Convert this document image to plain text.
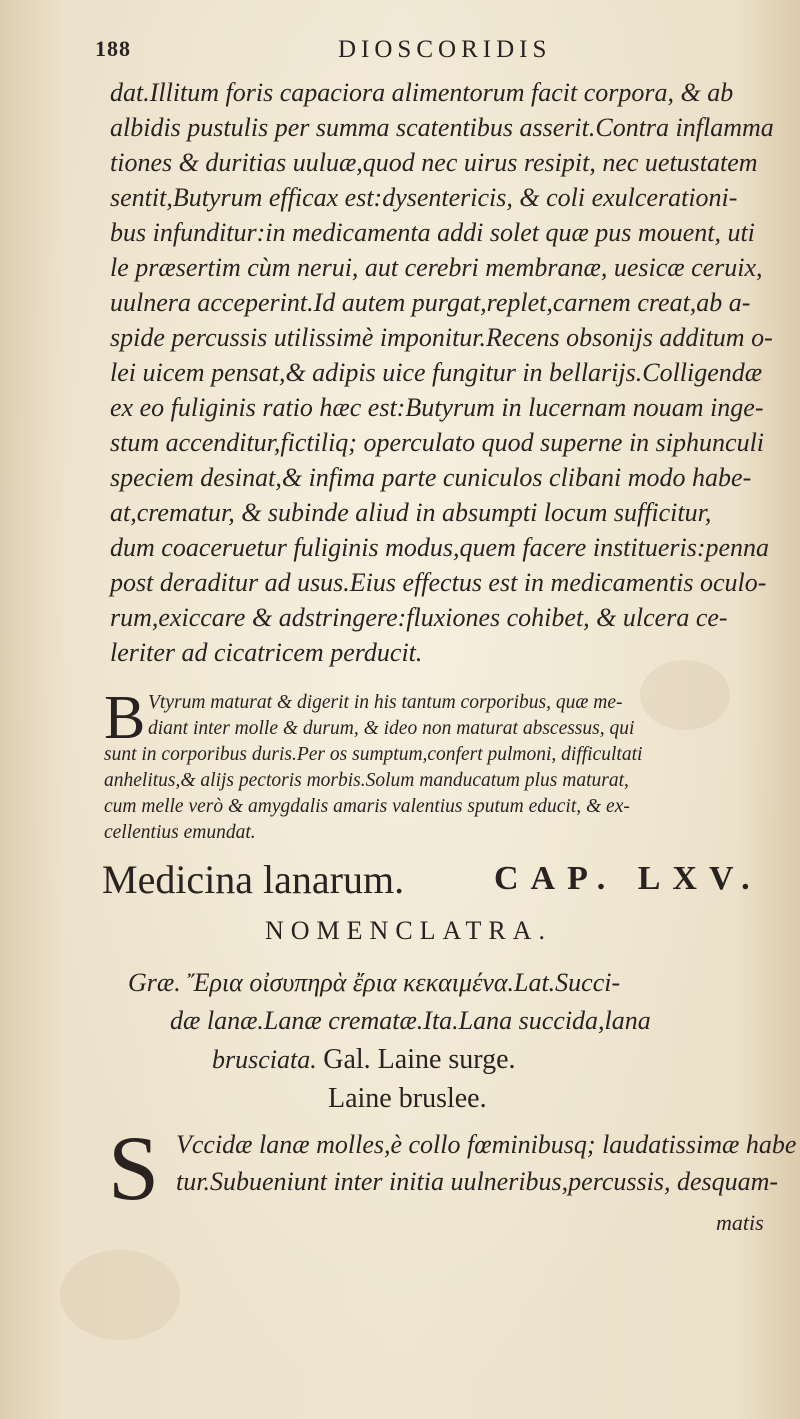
188	DIOSCORIDIS
dat.Illitum foris capaciora alimentorum facit corpora, & ab
albidis pustulis per summa scatentibus asserit.Contra inflamma
tiones & duritias uuluæ,quod nec uirus resipit, nec uetustatem
sentit,Butyrum efficax est:dysentericis, & coli exulcerationi-
bus infunditur:in medicamenta addi solet quæ pus mouent, uti
le præsertim cùm nerui, aut cerebri membranæ, uesicæ ceruix,
uulnera acceperint.Id autem purgat,replet,carnem creat,ab a-
spide percussis utilissimè imponitur.Recens obsonijs additum o-
lei uicem pensat,& adipis uice fungitur in bellarijs.Colligendæ
ex eo fuliginis ratio hæc est:Butyrum in lucernam nouam inge-
stum accenditur,fictiliq; operculato quod superne in siphunculi
speciem desinat,& infima parte cuniculos clibani modo habe-
at,crematur, & subinde aliud in absumpti locum sufficitur,
dum coaceruetur fuliginis modus,quem facere institueris:penna
post deraditur ad usus.Eius effectus est in medicamentis oculo-
rum,exiccare & adstringere:fluxiones cohibet, & ulcera ce-
leriter ad cicatricem perducit.
B Vtyrum maturat & digerit in his tantum corporibus, quæ me-
diant inter molle & durum, & ideo non maturat abscessus, qui
sunt in corporibus duris.Per os sumptum,confert pulmoni, difficultati
anhelitus,& alijs pectoris morbis.Solum manducatum plus maturat,
cum melle verò & amygdalis amaris valentius sputum educit, & ex-
cellentius emundat.
Medicina lanarum.	CAP. LXV.
NOMENCLATRA.
Græ. Ἔρια οἰσυπηρὰ ἔρια κεκαιμένα.Lat.Succi-
dæ lanæ.Lanæ crematæ.Ita.Lana succida,lana
brusciata. Gal. Laine surge.
Laine bruslee.
S Vccidæ lanæ molles,è collo fœminibusq; laudatissimæ habe
tur.Subueniunt inter initia uulneribus,percussis, desquam-
matis
